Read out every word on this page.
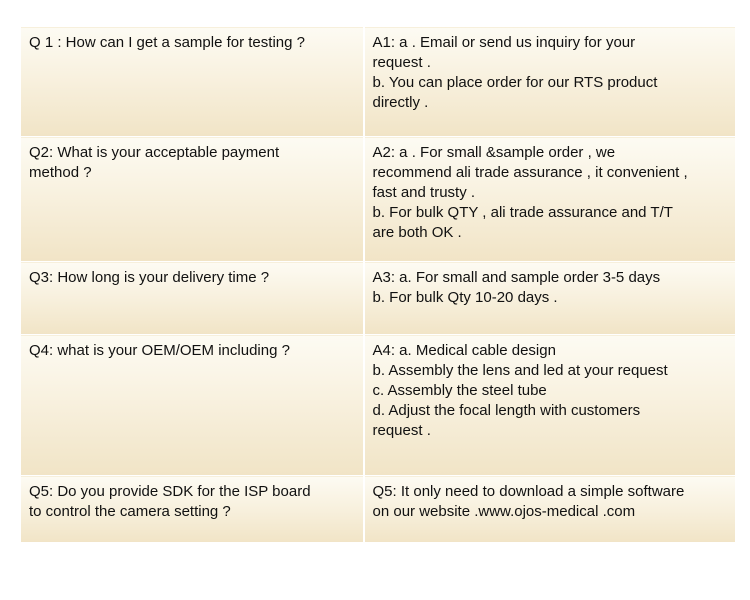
Q 1 : How can I get a sample for testing ?	A1: a . Email or send us inquiry for your
request .
b. You can place order for our RTS product
directly .
Q2: What is your acceptable payment
method ?	A2: a . For small &sample order , we
recommend ali trade assurance , it convenient ,
fast and trusty .
b. For bulk QTY , ali trade assurance and T/T
are both OK .
Q3: How long is your delivery time ?	A3: a. For small and sample order 3-5 days
b. For bulk Qty 10-20 days .
Q4: what is your OEM/OEM including ?	A4: a. Medical cable design
b. Assembly the lens and led at your request
c. Assembly the steel tube
d. Adjust the focal length with customers
request .
Q5: Do you provide SDK for the ISP board
to control the camera setting ?	Q5: It only need to download a simple software
on our website .www.ojos-medical .com
